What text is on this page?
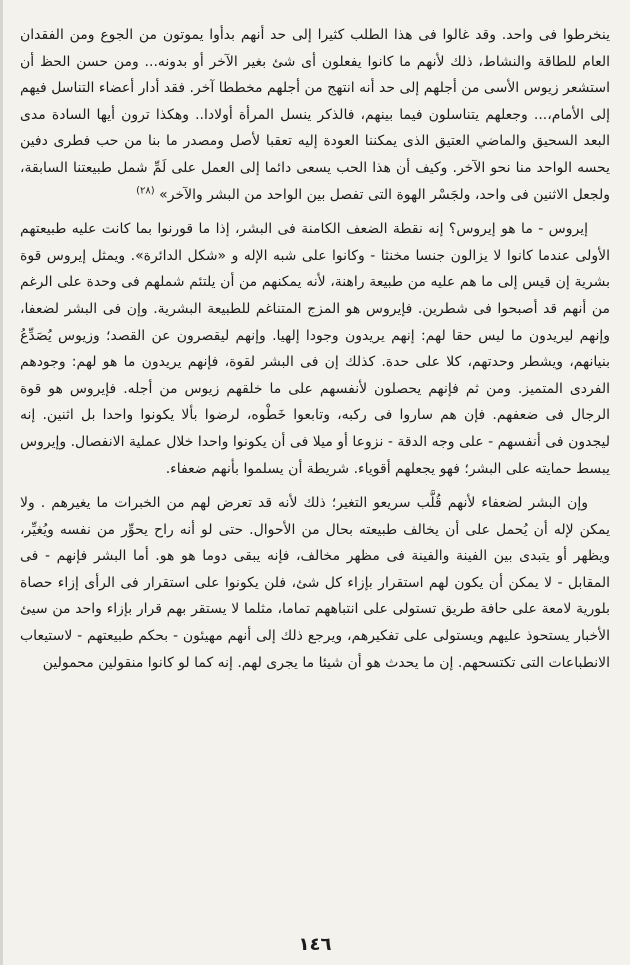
ينخرطوا فى واحد. وقد غالوا فى هذا الطلب كثيرا إلى حد أنهم بدأوا يموتون من الجوع ومن الفقدان العام للطاقة والنشاط، ذلك لأنهم ما كانوا يفعلون أى شئ بغير الآخر أو بدونه... ومن حسن الحظ أن استشعر زيوس الأسى من أجلهم إلى حد أنه انتهج من أجلهم مخططا آخر. فقد أدار أعضاء التناسل فيهم إلى الأمام،... وجعلهم يتناسلون فيما بينهم، فالذكر ينسل المرأة أولادا.. وهكذا ترون أيها السادة مدى البعد السحيق والماضي العتيق الذى يمكننا العودة إليه تعقبا لأصل ومصدر ما بنا من حب فطرى دفين يحسه الواحد منا نحو الآخر. وكيف أن هذا الحب يسعى دائما إلى العمل على لَمِّ شمل طبيعتنا السابقة، ولجعل الاثنين فى واحد، ولجَسْر الهوة التى تفصل بين الواحد من البشر والآخر» $^{(٢٨)}$

إيروس - ما هو إيروس؟ إنه نقطة الضعف الكامنة فى البشر، إذا ما قورنوا بما كانت عليه طبيعتهم الأولى عندما كانوا لا يزالون جنسا مخنثا - وكانوا على شبه الإله و «شكل الدائرة». ويمثل إيروس قوة بشرية إن قيس إلى ما هم عليه من طبيعة راهنة، لأنه يمكنهم من أن يلتئم شملهم فى وحدة على الرغم من أنهم قد أصبحوا فى شطرين. فإيروس هو المزج المتناغم للطبيعة البشرية. وإن فى البشر لضعفا، وإنهم ليريدون ما ليس حقا لهم: إنهم يريدون وجودا إلهيا. وإنهم ليقصرون عن القصد؛ وزيوس يُصَدِّعُ بنيانهم، ويشطر وحدتهم، كلا على حدة. كذلك إن فى البشر لقوة، فإنهم يريدون ما هو لهم: وجودهم الفردى المتميز. ومن ثم فإنهم يحصلون لأنفسهم على ما خلقهم زيوس من أجله. فإيروس هو قوة الرجال فى ضعفهم. فإن هم ساروا فى ركبه، وتابعوا خَطْوه، لرضوا بألا يكونوا واحدا بل اثنين. إنه ليجدون فى أنفسهم - على وجه الدقة - نزوعا أو ميلا فى أن يكونوا واحدا خلال عملية الانفصال. وإيروس يبسط حمايته على البشر؛ فهو يجعلهم أقوياء. شريطة أن يسلموا بأنهم ضعفاء.

وإن البشر لضعفاء لأنهم قُلَّب سريعو التغير؛ ذلك لأنه قد تعرض لهم من الخبرات ما يغيرهم . ولا يمكن لإله أن يُحمل على أن يخالف طبيعته بحال من الأحوال. حتى لو أنه راح يحوِّر من نفسه ويُغيِّر، ويظهر أو يتبدى بين الفينة والفينة فى مظهر مخالف، فإنه يبقى دوما هو هو. أما البشر فإنهم - فى المقابل - لا يمكن أن يكون لهم استقرار بإزاء كل شئ، فلن يكونوا على استقرار فى الرأى إزاء حصاة بلورية لامعة على حافة طريق تستولى على انتباههم تماما، مثلما لا يستقر بهم قرار بإزاء واحد من سيئ الأخبار يستحوذ عليهم ويستولى على تفكيرهم، ويرجع ذلك إلى أنهم مهيئون - بحكم طبيعتهم - لاستيعاب الانطباعات التى تكتسحهم. إن ما يحدث هو أن شيئا ما يجرى لهم. إنه كما لو كانوا منقولين محمولين

١٤٦
